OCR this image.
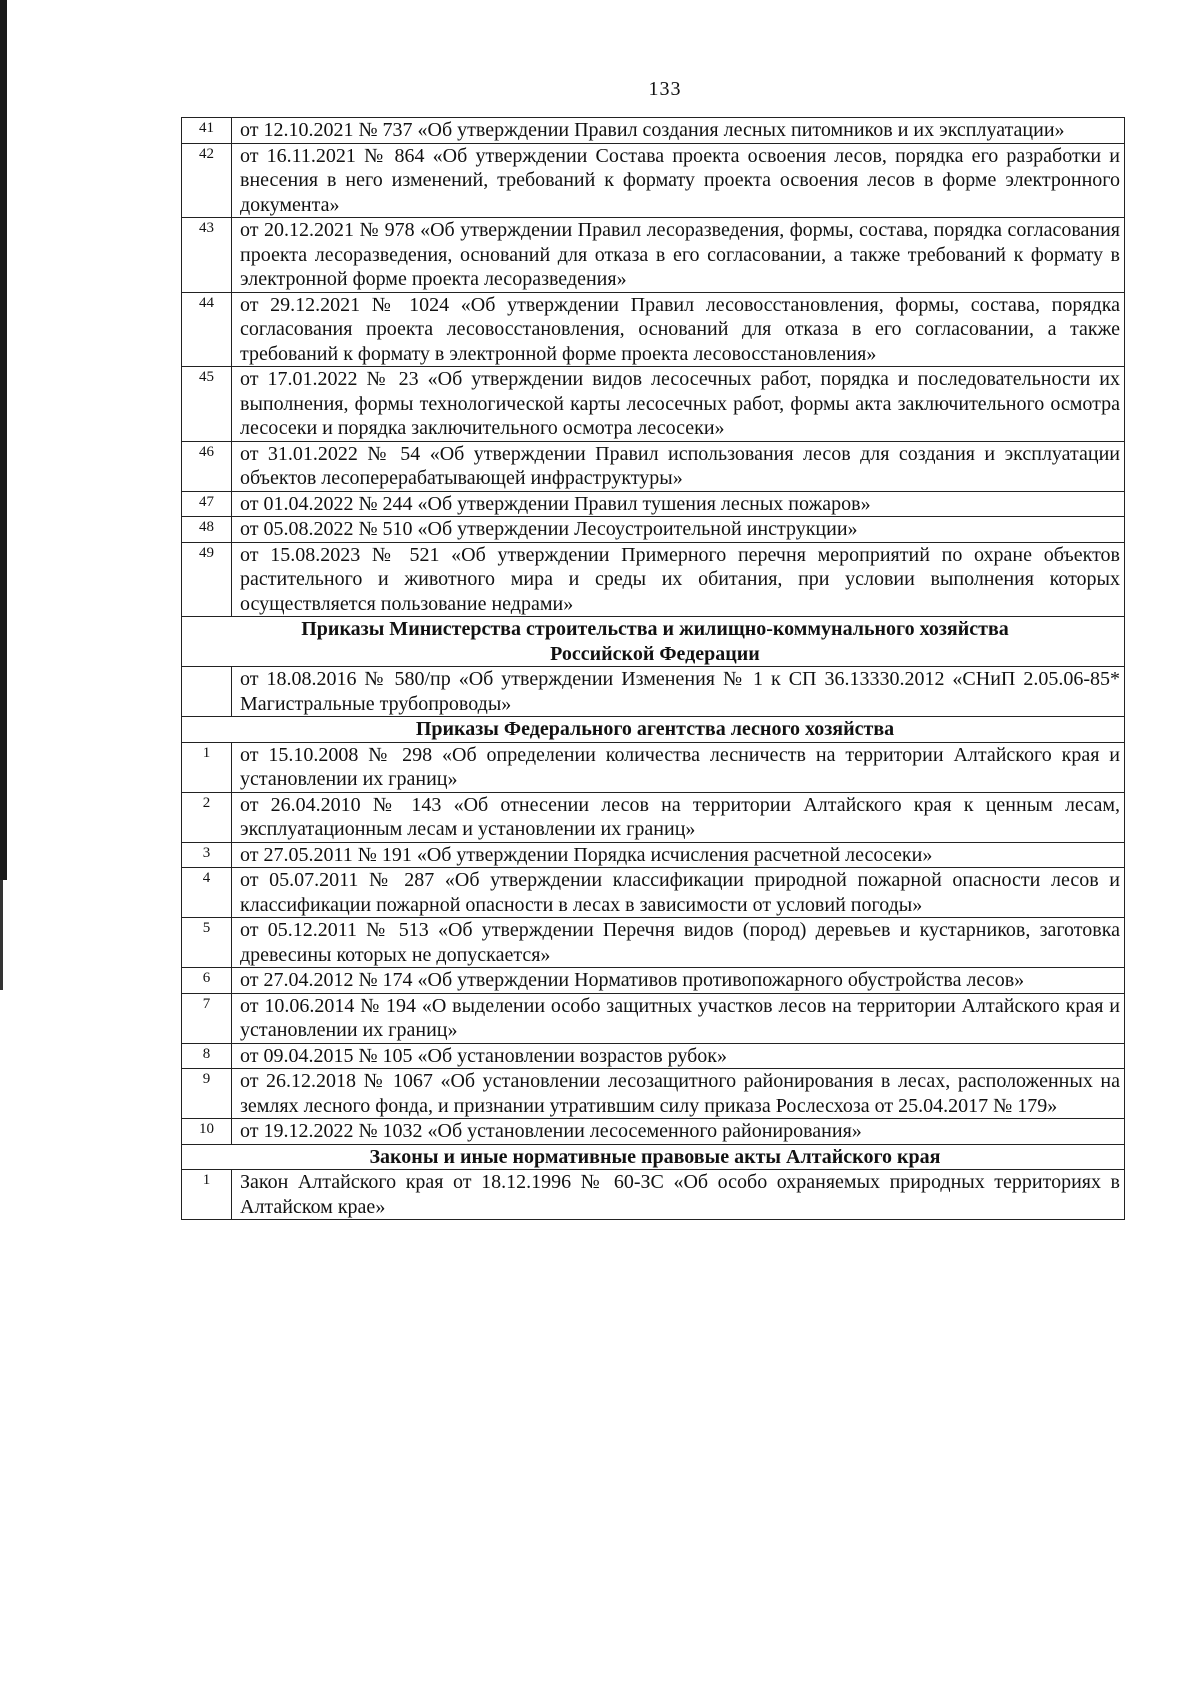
133
41	от 12.10.2021 № 737 «Об утверждении Правил создания лесных питомников и их эксплуатации»
42	от 16.11.2021 № 864 «Об утверждении Состава проекта освоения лесов, порядка его разработки и внесения в него изменений, требований к формату проекта освоения лесов в форме электронного документа»
43	от 20.12.2021 № 978 «Об утверждении Правил лесоразведения, формы, состава, порядка согласования проекта лесоразведения, оснований для отказа в его согласовании, а также требований к формату в электронной форме проекта лесоразведения»
44	от 29.12.2021 № 1024 «Об утверждении Правил лесовосстановления, формы, состава, порядка согласования проекта лесовосстановления, оснований для отказа в его согласовании, а также требований к формату в электронной форме проекта лесовосстановления»
45	от 17.01.2022 № 23 «Об утверждении видов лесосечных работ, порядка и последовательности их выполнения, формы технологической карты лесосечных работ, формы акта заключительного осмотра лесосеки и порядка заключительного осмотра лесосеки»
46	от 31.01.2022 № 54 «Об утверждении Правил использования лесов для создания и эксплуатации объектов лесоперерабатывающей инфраструктуры»
47	от 01.04.2022 № 244 «Об утверждении Правил тушения лесных пожаров»
48	от 05.08.2022 № 510 «Об утверждении Лесоустроительной инструкции»
49	от 15.08.2023 № 521 «Об утверждении Примерного перечня мероприятий по охране объектов растительного и животного мира и среды их обитания, при условии выполнения которых осуществляется пользование недрами»
Приказы Министерства строительства и жилищно-коммунального хозяйства
Российской Федерации	
	от 18.08.2016 № 580/пр «Об утверждении Изменения № 1 к СП 36.13330.2012 «СНиП 2.05.06-85* Магистральные трубопроводы»
Приказы Федерального агентства лесного хозяйства	
1	от 15.10.2008 № 298 «Об определении количества лесничеств на территории Алтайского края и установлении их границ»
2	от 26.04.2010 № 143 «Об отнесении лесов на территории Алтайского края к ценным лесам, эксплуатационным лесам и установлении их границ»
3	от 27.05.2011 № 191 «Об утверждении Порядка исчисления расчетной лесосеки»
4	от 05.07.2011 № 287 «Об утверждении классификации природной пожарной опасности лесов и классификации пожарной опасности в лесах в зависимости от условий погоды»
5	от 05.12.2011 № 513 «Об утверждении Перечня видов (пород) деревьев и кустарников, заготовка древесины которых не допускается»
6	от 27.04.2012 № 174 «Об утверждении Нормативов противопожарного обустройства лесов»
7	от 10.06.2014 № 194 «О выделении особо защитных участков лесов на территории Алтайского края и установлении их границ»
8	от 09.04.2015 № 105 «Об установлении возрастов рубок»
9	от 26.12.2018 № 1067 «Об установлении лесозащитного районирования в лесах, расположенных на землях лесного фонда, и признании утратившим силу приказа Рослесхоза от 25.04.2017 № 179»
10	от 19.12.2022 № 1032 «Об установлении лесосеменного районирования»
Законы и иные нормативные правовые акты Алтайского края	
1	Закон Алтайского края от 18.12.1996 № 60-ЗС «Об особо охраняемых природных территориях в Алтайском крае»
